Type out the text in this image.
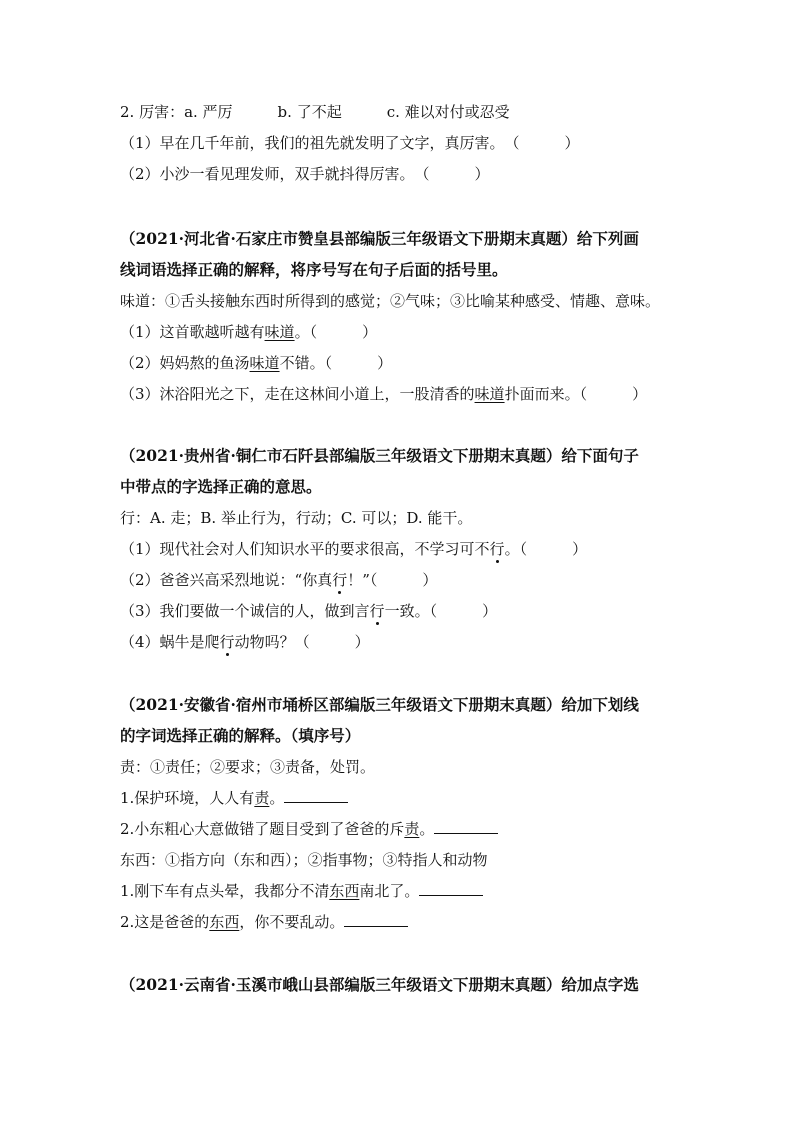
2. 厉害：a. 严厉　　　b. 了不起　　　c. 难以对付或忍受
（1）早在几千年前，我们的祖先就发明了文字，真厉害。　（　　　）
（2）小沙一看见理发师，双手就抖得厉害。　（　　　）
（2021·河北省·石家庄市赞皇县部编版三年级语文下册期末真题）给下列画
线词语选择正确的解释，将序号写在句子后面的括号里。
味道：①舌头接触东西时所得到的感觉；②气味；③比喻某种感受、情趣、意味。
（1）这首歌越听越有味道。（　　　）
（2）妈妈熬的鱼汤味道不错。（　　　）
（3）沐浴阳光之下，走在这林间小道上，一股清香的味道扑面而来。（　　　）
（2021·贵州省·铜仁市石阡县部编版三年级语文下册期末真题）给下面句子
中带点的字选择正确的意思。
行：A. 走；B. 举止行为，行动；C. 可以；D. 能干。
（1）现代社会对人们知识水平的要求很高，不学习可不行。（　　　）
（2）爸爸兴高采烈地说：“你真行！”（　　　）
（3）我们要做一个诚信的人，做到言行一致。（　　　）
（4）蜗牛是爬行动物吗？（　　　）
（2021·安徽省·宿州市埇桥区部编版三年级语文下册期末真题）给加下划线
的字词选择正确的解释。（填序号）
责：①责任；②要求；③责备，处罚。
1.保护环境，人人有责。
2.小东粗心大意做错了题目受到了爸爸的斥责。
东西：①指方向（东和西）；②指事物；③特指人和动物
1.刚下车有点头晕，我都分不清东西南北了。
2.这是爸爸的东西，你不要乱动。
（2021·云南省·玉溪市峨山县部编版三年级语文下册期末真题）给加点字选
